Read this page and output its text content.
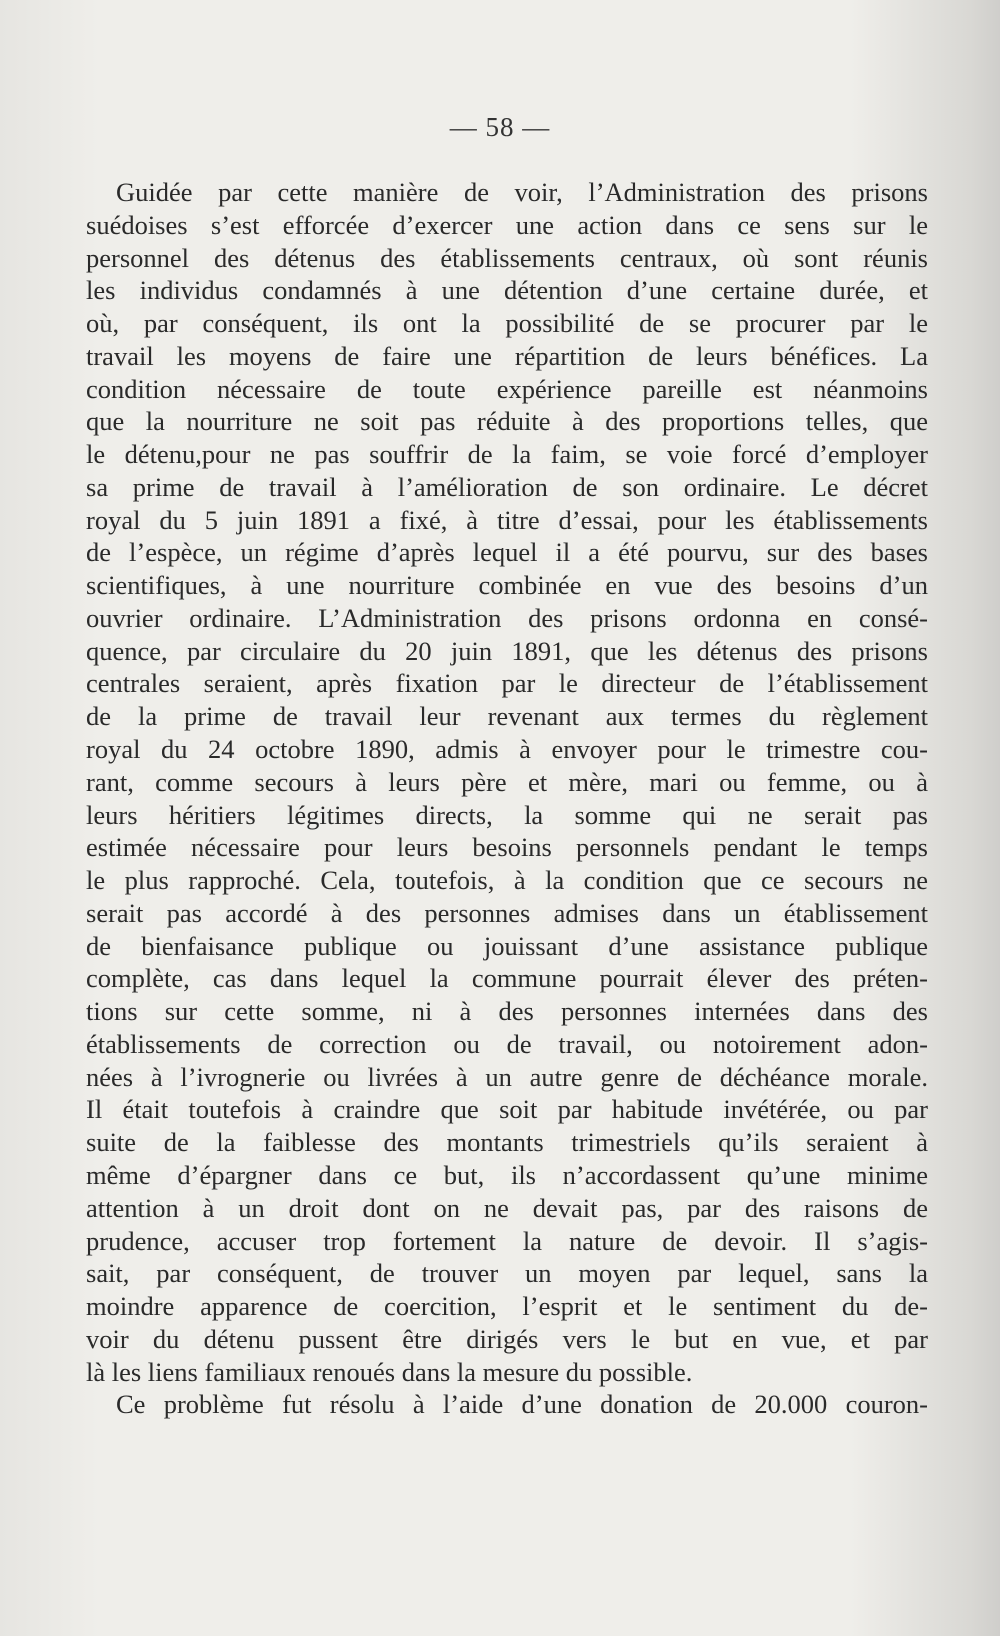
— 58 —
Guidée par cette manière de voir, l’Administration des prisons
suédoises s’est efforcée d’exercer une action dans ce sens sur le
personnel des détenus des établissements centraux, où sont réunis
les individus condamnés à une détention d’une certaine durée, et
où, par conséquent, ils ont la possibilité de se procurer par le
travail les moyens de faire une répartition de leurs bénéfices. La
condition nécessaire de toute expérience pareille est néanmoins
que la nourriture ne soit pas réduite à des proportions telles, que
le détenu,pour ne pas souffrir de la faim, se voie forcé d’employer
sa prime de travail à l’amélioration de son ordinaire. Le décret
royal du 5 juin 1891 a fixé, à titre d’essai, pour les établissements
de l’espèce, un régime d’après lequel il a été pourvu, sur des bases
scientifiques, à une nourriture combinée en vue des besoins d’un
ouvrier ordinaire. L’Administration des prisons ordonna en consé-
quence, par circulaire du 20 juin 1891, que les détenus des prisons
centrales seraient, après fixation par le directeur de l’établissement
de la prime de travail leur revenant aux termes du règlement
royal du 24 octobre 1890, admis à envoyer pour le trimestre cou-
rant, comme secours à leurs père et mère, mari ou femme, ou à
leurs héritiers légitimes directs, la somme qui ne serait pas
estimée nécessaire pour leurs besoins personnels pendant le temps
le plus rapproché. Cela, toutefois, à la condition que ce secours ne
serait pas accordé à des personnes admises dans un établissement
de bienfaisance publique ou jouissant d’une assistance publique
complète, cas dans lequel la commune pourrait élever des préten-
tions sur cette somme, ni à des personnes internées dans des
établissements de correction ou de travail, ou notoirement adon-
nées à l’ivrognerie ou livrées à un autre genre de déchéance morale.
Il était toutefois à craindre que soit par habitude invétérée, ou par
suite de la faiblesse des montants trimestriels qu’ils seraient à
même d’épargner dans ce but, ils n’accordassent qu’une minime
attention à un droit dont on ne devait pas, par des raisons de
prudence, accuser trop fortement la nature de devoir. Il s’agis-
sait, par conséquent, de trouver un moyen par lequel, sans la
moindre apparence de coercition, l’esprit et le sentiment du de-
voir du détenu pussent être dirigés vers le but en vue, et par
là les liens familiaux renoués dans la mesure du possible.
Ce problème fut résolu à l’aide d’une donation de 20.000 couron-
